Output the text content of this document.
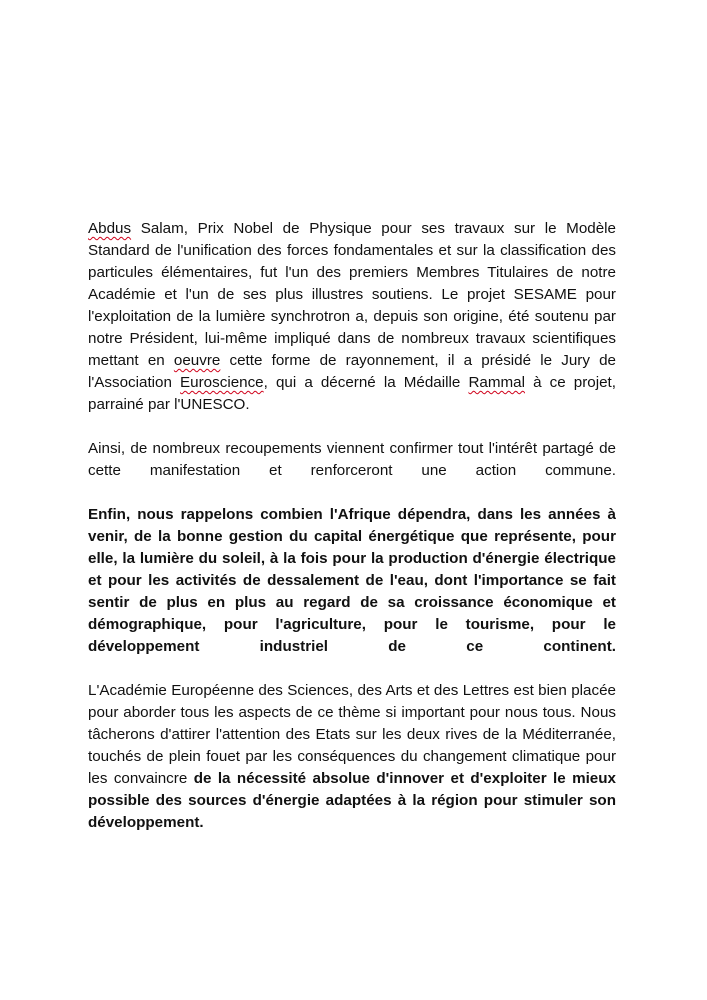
Abdus Salam, Prix Nobel de Physique pour ses travaux sur le Modèle Standard de l'unification des forces fondamentales et sur la classification des particules élémentaires, fut l'un des premiers Membres Titulaires de notre Académie et l'un de ses plus illustres soutiens. Le projet SESAME pour l'exploitation de la lumière synchrotron a, depuis son origine, été soutenu par notre Président, lui-même impliqué dans de nombreux travaux scientifiques mettant en oeuvre cette forme de rayonnement, il a présidé le Jury de l'Association Euroscience, qui a décerné la Médaille Rammal à ce projet, parrainé par l'UNESCO.

Ainsi, de nombreux recoupements viennent confirmer tout l'intérêt partagé de cette manifestation et renforceront une action commune.

Enfin, nous rappelons combien l'Afrique dépendra, dans les années à venir, de la bonne gestion du capital énergétique que représente, pour elle, la lumière du soleil, à la fois pour la production d'énergie électrique et pour les activités de dessalement de l'eau, dont l'importance se fait sentir de plus en plus au regard de sa croissance économique et démographique, pour l'agriculture, pour le tourisme, pour le développement industriel de ce continent.

L'Académie Européenne des Sciences, des Arts et des Lettres est bien placée pour aborder tous les aspects de ce thème si important pour nous tous. Nous tâcherons d'attirer l'attention des Etats sur les deux rives de la Méditerranée, touchés de plein fouet par les conséquences du changement climatique pour les convaincre de la nécessité absolue d'innover et d'exploiter le mieux possible des sources d'énergie adaptées à la région pour stimuler son développement.
